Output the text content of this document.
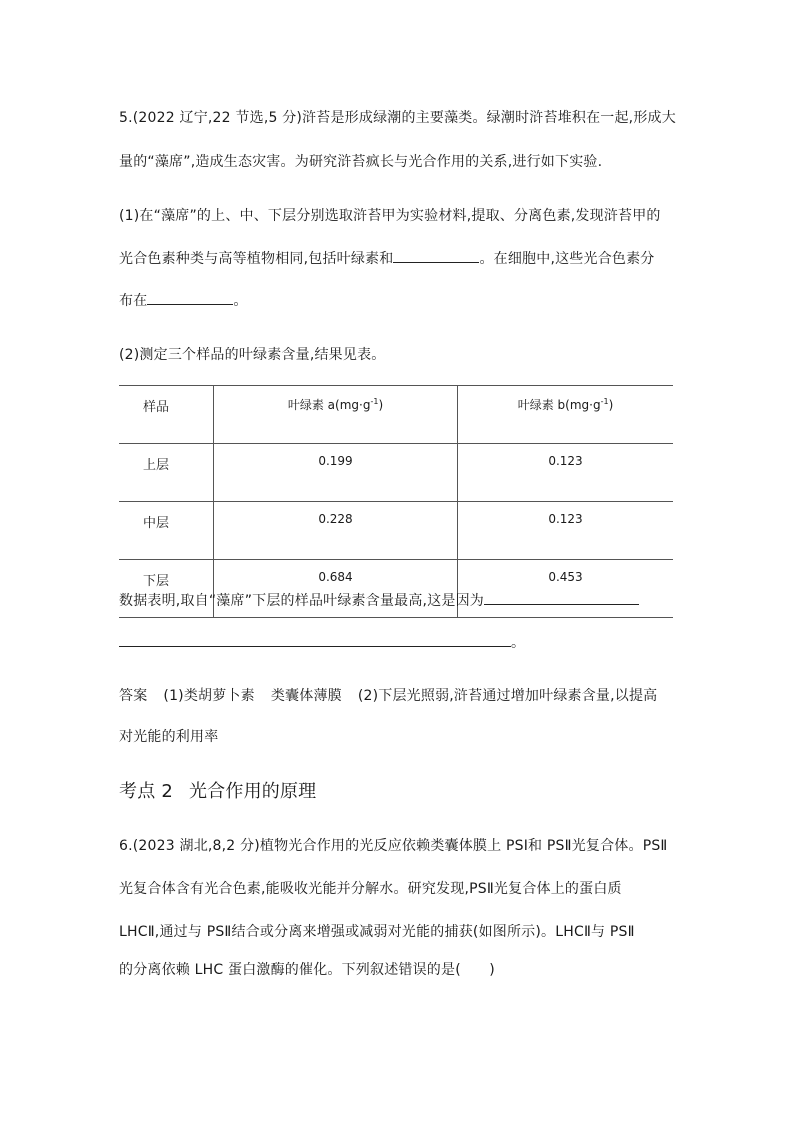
5.(2022 辽宁,22 节选,5 分)浒苔是形成绿潮的主要藻类。绿潮时浒苔堆积在一起,形成大
量的“藻席”,造成生态灾害。为研究浒苔疯长与光合作用的关系,进行如下实验.
(1)在“藻席”的上、中、下层分别选取浒苔甲为实验材料,提取、分离色素,发现浒苔甲的
光合色素种类与高等植物相同,包括叶绿素和	。在细胞中,这些光合色素分
布在	。
(2)测定三个样品的叶绿素含量,结果见表。
样品	叶绿素 $a(mg\cdot g^{-1})$	叶绿素 $b(mg\cdot g^{-1})$
上层	0.199	0.123
中层	0.228	0.123
下层	0.684	0.453
数据表明,取自“藻席”下层的样品叶绿素含量最高,这是因为
。
答案 (1)类胡萝卜素 类囊体薄膜 (2)下层光照弱,浒苔通过增加叶绿素含量,以提高
对光能的利用率
考点 2 光合作用的原理
6.(2023 湖北,8,2 分)植物光合作用的光反应依赖类囊体膜上 PSⅠ和 PSⅡ光复合体。PSⅡ
光复合体含有光合色素,能吸收光能并分解水。研究发现,PSⅡ光复合体上的蛋白质
LHCⅡ,通过与 PSⅡ结合或分离来增强或减弱对光能的捕获(如图所示)。LHCⅡ与 PSⅡ
的分离依赖 LHC 蛋白激酶的催化。下列叙述错误的是(　　)
